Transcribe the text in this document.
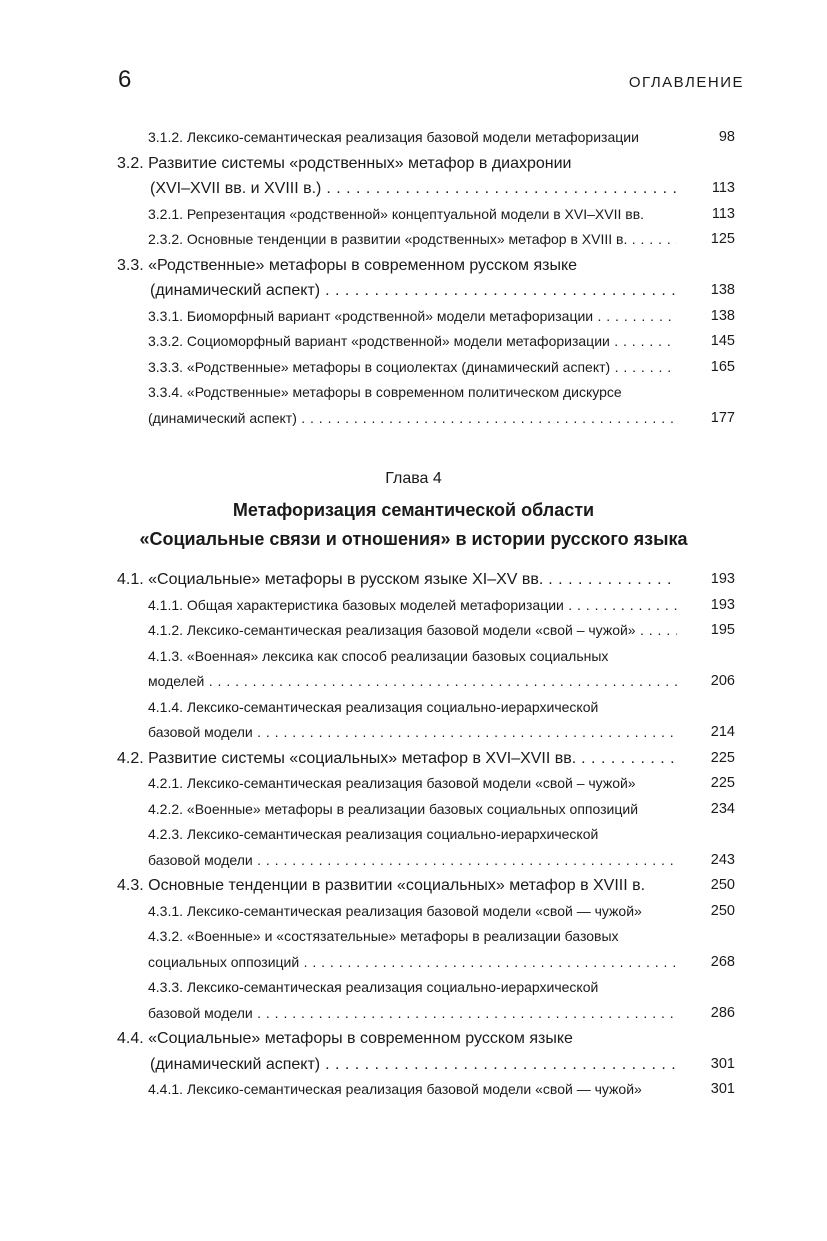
6	ОГЛАВЛЕНИЕ
3.1.2. Лексико-семантическая реализация базовой модели метафоризации	98
3.2. Развитие системы «родственных» метафор в диахронии
(XVI–XVII вв. и XVIII в.) . . .	113
3.2.1. Репрезентация «родственной» концептуальной модели в XVI–XVII вв.	113
2.3.2. Основные тенденции в развитии «родственных» метафор в XVIII в. . . .	125
3.3. «Родственные» метафоры в современном русском языке
(динамический аспект) . . .	138
3.3.1. Биоморфный вариант «родственной» модели метафоризации . . .	138
3.3.2. Социоморфный вариант «родственной» модели метафоризации . . .	145
3.3.3. «Родственные» метафоры в социолектах (динамический аспект) . . .	165
3.3.4. «Родственные» метафоры в современном политическом дискурсе
(динамический аспект) . . .	177
Глава 4
Метафоризация семантической области
«Социальные связи и отношения» в истории русского языка
4.1. «Социальные» метафоры в русском языке XI–XV вв. . . .	193
4.1.1. Общая характеристика базовых моделей метафоризации . . .	193
4.1.2. Лексико-семантическая реализация базовой модели «свой – чужой» . . .	195
4.1.3. «Военная» лексика как способ реализации базовых социальных
моделей . . .	206
4.1.4. Лексико-семантическая реализация социально-иерархической
базовой модели . . .	214
4.2. Развитие системы «социальных» метафор в XVI–XVII вв. . . .	225
4.2.1. Лексико-семантическая реализация базовой модели «свой – чужой»	225
4.2.2. «Военные» метафоры в реализации базовых социальных оппозиций	234
4.2.3. Лексико-семантическая реализация социально-иерархической
базовой модели . . .	243
4.3. Основные тенденции в развитии «социальных» метафор в XVIII в.	250
4.3.1. Лексико-семантическая реализация базовой модели «свой — чужой»	250
4.3.2. «Военные» и «состязательные» метафоры в реализации базовых
социальных оппозиций . . .	268
4.3.3. Лексико-семантическая реализация социально-иерархической
базовой модели . . .	286
4.4. «Социальные» метафоры в современном русском языке
(динамический аспект) . . .	301
4.4.1. Лексико-семантическая реализация базовой модели «свой — чужой»	301
